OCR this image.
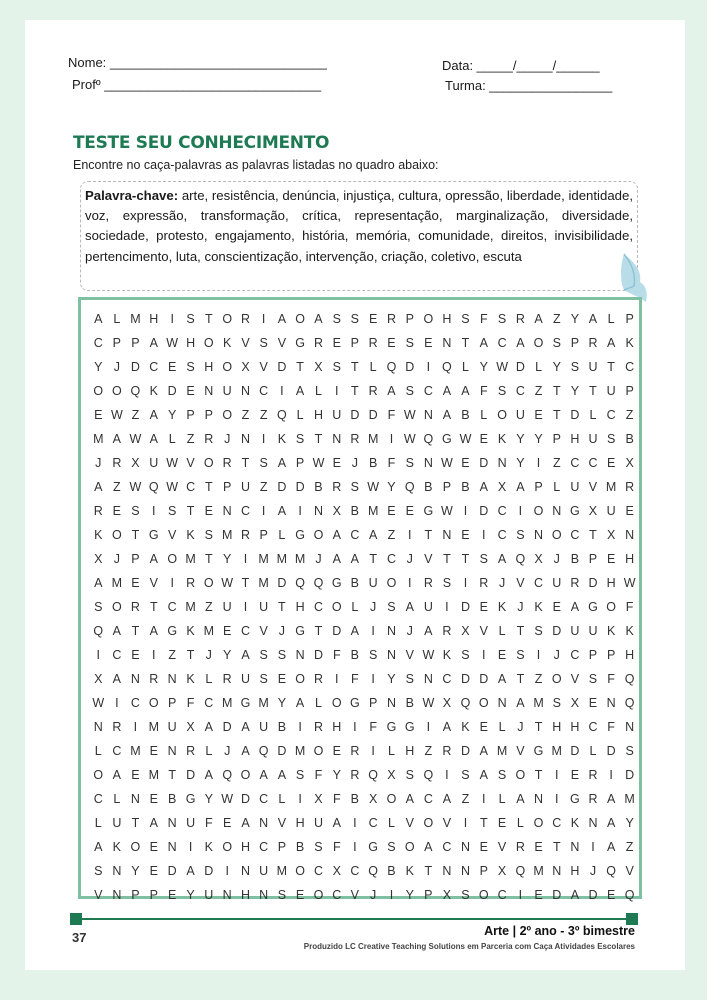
Nome: ______________________________
Profº ______________________________
Data: _____/_____/______
Turma: _________________
TESTE SEU CONHECIMENTO
Encontre no caça-palavras as palavras listadas no quadro abaixo:
Palavra-chave: arte, resistência, denúncia, injustiça, cultura, opressão, liberdade, identidade, voz, expressão, transformação, crítica, representação, marginalização, diversidade, sociedade, protesto, engajamento, história, memória, comunidade, direitos, invisibilidade, pertencimento, luta, conscientização, intervenção, criação, coletivo, escuta
A	L	M	H	I	S	T	O	R	I	A	O	A	S	S	E	R	P	O	H	S	F	S	R	A	Z	Y	A	L	P
C	P	P	A	W	H	O	K	V	S	V	G	R	E	P	R	E	S	E	N	T	A	C	A	O	S	P	R	A	K
Y	J	D	C	E	S	H	O	X	V	D	T	X	S	T	L	Q	D	I	Q	L	Y	W	D	L	Y	S	U	T	C
O	O	Q	K	D	E	N	U	N	C	I	A	L	I	T	R	A	S	C	A	A	F	S	C	Z	T	Y	T	U	P
E	W	Z	A	Y	P	P	O	Z	Z	Q	L	H	U	D	D	F	W	N	A	B	L	O	U	E	T	D	L	C	Z
M	A	W	A	L	Z	R	J	N	I	K	S	T	N	R	M	I	W	Q	G	W	E	K	Y	Y	P	H	U	S	B
J	R	X	U	W	V	O	R	T	S	A	P	W	E	J	B	F	S	N	W	E	D	N	Y	I	Z	C	C	E	X
A	Z	W	Q	W	C	T	P	U	Z	D	D	B	R	S	W	Y	Q	B	P	B	A	X	A	P	L	U	V	M	R
R	E	S	I	S	T	E	N	C	I	A	I	N	X	B	M	E	E	G	W	I	D	C	I	O	N	G	X	U	E
K	O	T	G	V	K	S	M	R	P	L	G	O	A	C	A	Z	I	T	N	E	I	C	S	N	O	C	T	X	N
X	J	P	A	O	M	T	Y	I	M	M	M	J	A	A	T	C	J	V	T	T	S	A	Q	X	J	B	P	E	H
A	M	E	V	I	R	O	W	T	M	D	Q	Q	G	B	U	O	I	R	S	I	R	J	V	C	U	R	D	H	W
S	O	R	T	C	M	Z	U	I	U	T	H	C	O	L	J	S	A	U	I	D	E	K	J	K	E	A	G	O	F
Q	A	T	A	G	K	M	E	C	V	J	G	T	D	A	I	N	J	A	R	X	V	L	T	S	D	U	U	K	K
I	C	E	I	Z	T	J	Y	A	S	S	N	D	F	B	S	N	V	W	K	S	I	E	S	I	J	C	P	P	H
X	A	N	R	N	K	L	R	U	S	E	O	R	I	F	I	Y	S	N	C	D	D	A	T	Z	O	V	S	F	Q
W	I	C	O	P	F	C	M	G	M	Y	A	L	O	G	P	N	B	W	X	Q	O	N	A	M	S	X	E	N	Q
N	R	I	M	U	X	A	D	A	U	B	I	R	H	I	F	G	G	I	A	K	E	L	J	T	H	H	C	F	N
L	C	M	E	N	R	L	J	A	Q	D	M	O	E	R	I	L	H	Z	R	D	A	M	V	G	M	D	L	D	S
O	A	E	M	T	D	A	Q	O	A	A	S	F	Y	R	Q	X	S	Q	I	S	A	S	O	T	I	E	R	I	D
C	L	N	E	B	G	Y	W	D	C	L	I	X	F	B	X	O	A	C	A	Z	I	L	A	N	I	G	R	A	M
L	U	T	A	N	U	F	E	A	N	V	H	U	A	I	C	L	V	O	V	I	T	E	L	O	C	K	N	A	Y
A	K	O	E	N	I	K	O	H	C	P	B	S	F	I	G	S	O	A	C	N	E	V	R	E	T	N	I	A	Z
S	N	Y	E	D	A	D	I	N	U	M	O	C	X	C	Q	B	K	T	N	N	P	X	Q	M	N	H	J	Q	V
V	N	P	P	E	Y	U	N	H	N	S	E	O	C	V	J	I	Y	P	X	S	O	C	I	E	D	A	D	E	Q
37	Arte | 2º ano - 3º bimestre
Produzido LC Creative Teaching Solutions em Parceria com Caça Atividades Escolares
